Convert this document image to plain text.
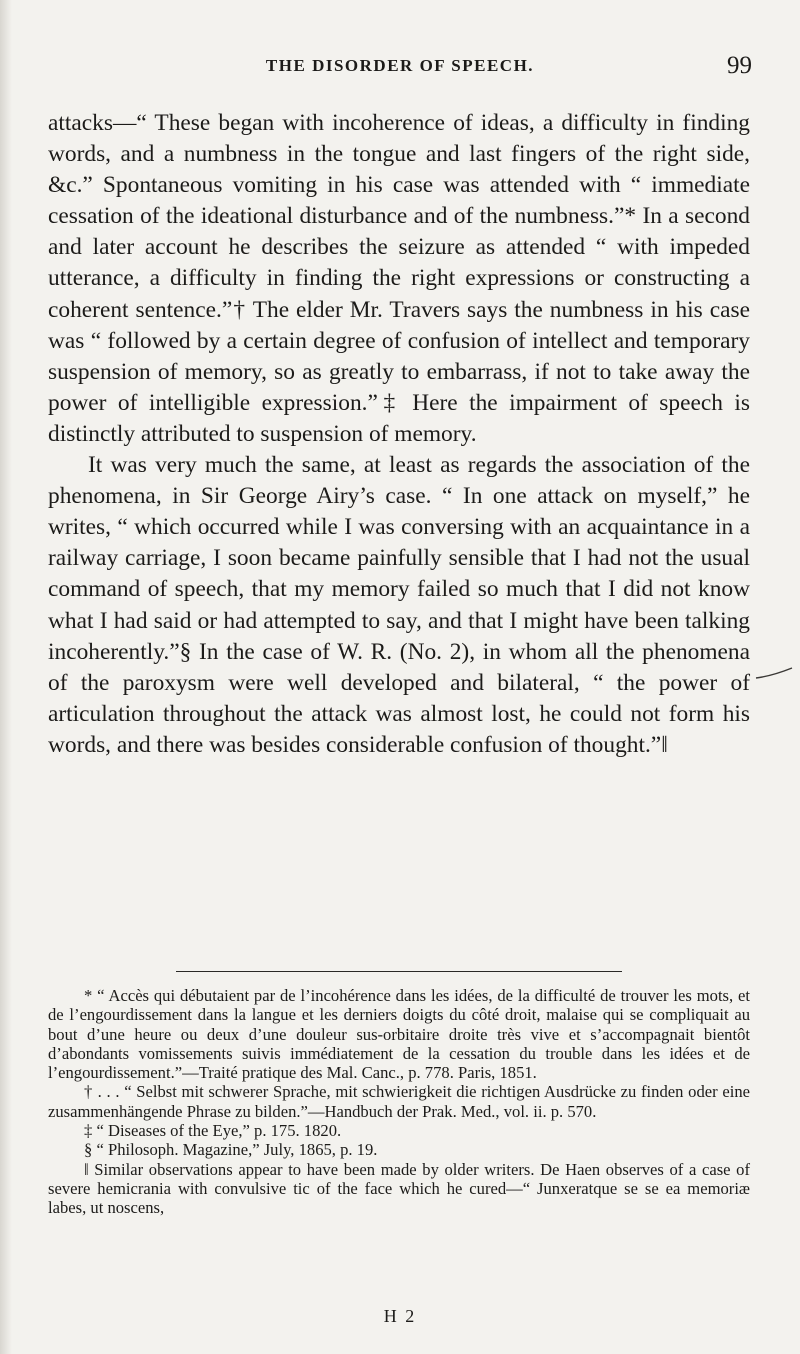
THE DISORDER OF SPEECH.	99

attacks—“ These began with incoherence of ideas, a difficulty in finding words, and a numbness in the tongue and last fingers of the right side, &c.” Spontaneous vomiting in his case was attended with “ immediate cessation of the ideational disturbance and of the numbness.”* In a second and later account he describes the seizure as attended “ with impeded utterance, a difficulty in finding the right expressions or constructing a coherent sentence.”† The elder Mr. Travers says the numbness in his case was “ followed by a certain degree of confusion of intellect and temporary suspension of memory, so as greatly to embarrass, if not to take away the power of intelligible expression.”‡ Here the impairment of speech is distinctly attributed to suspension of memory.

It was very much the same, at least as regards the association of the phenomena, in Sir George Airy’s case. “ In one attack on myself,” he writes, “ which occurred while I was conversing with an acquaintance in a railway carriage, I soon became painfully sensible that I had not the usual command of speech, that my memory failed so much that I did not know what I had said or had attempted to say, and that I might have been talking incoherently.”§ In the case of W. R. (No. 2), in whom all the phenomena of the paroxysm were well developed and bilateral, “ the power of articulation throughout the attack was almost lost, he could not form his words, and there was besides considerable confusion of thought.”‖

* “ Accès qui débutaient par de l’incohérence dans les idées, de la difficulté de trouver les mots, et de l’engourdissement dans la langue et les derniers doigts du côté droit, malaise qui se compliquait au bout d’une heure ou deux d’une douleur sus-orbitaire droite très vive et s’accompagnait bientôt d’abondants vomissements suivis immédiatement de la cessation du trouble dans les idées et de l’engourdissement.”—Traité pratique des Mal. Canc., p. 778. Paris, 1851.

† . . . “ Selbst mit schwerer Sprache, mit schwierigkeit die richtigen Ausdrücke zu finden oder eine zusammenhängende Phrase zu bilden.”—Handbuch der Prak. Med., vol. ii. p. 570.

‡ “ Diseases of the Eye,” p. 175. 1820.

§ “ Philosoph. Magazine,” July, 1865, p. 19.

‖ Similar observations appear to have been made by older writers. De Haen observes of a case of severe hemicrania with convulsive tic of the face which he cured—“ Junxeratque se se ea memoriæ labes, ut noscens,

H 2
